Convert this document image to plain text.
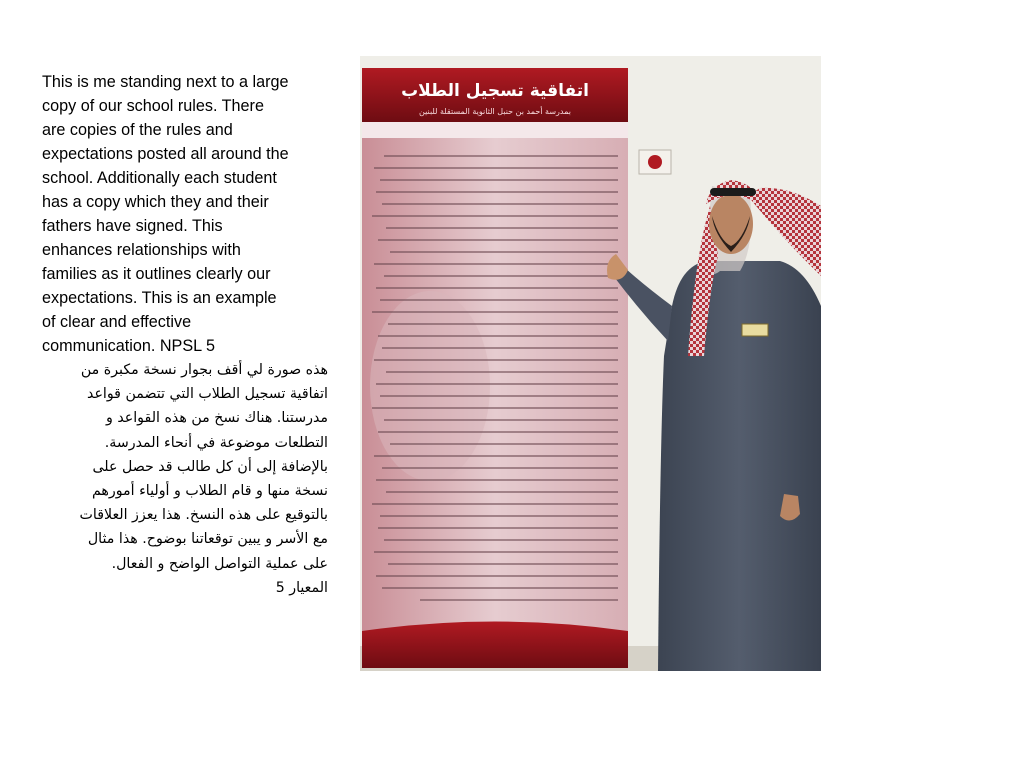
This is me standing next to a large
copy of our school rules. There
are copies of the rules and
expectations posted all around the
school. Additionally each student
has a copy which they and their
fathers have signed. This
enhances relationships with
families as it outlines clearly our
expectations. This is an example
of clear and effective
communication. NPSL 5

هذه صورة لي أقف بجوار نسخة مكبرة من
اتفاقية تسجيل الطلاب التي تتضمن قواعد
مدرستنا. هناك نسخ من هذه القواعد و
التطلعات موضوعة في أنحاء المدرسة.
بالإضافة إلى أن كل طالب قد حصل على
نسخة منها و قام الطلاب و أولياء أمورهم
بالتوقيع على هذه النسخ. هذا يعزز العلاقات
مع الأسر و يبين توقعاتنا بوضوح. هذا مثال
على عملية التواصل الواضح و الفعال.
المعيار 5

اتفاقية تسجيل الطلاب
بمدرسة أحمد بن حنبل الثانوية المستقلة للبنين
